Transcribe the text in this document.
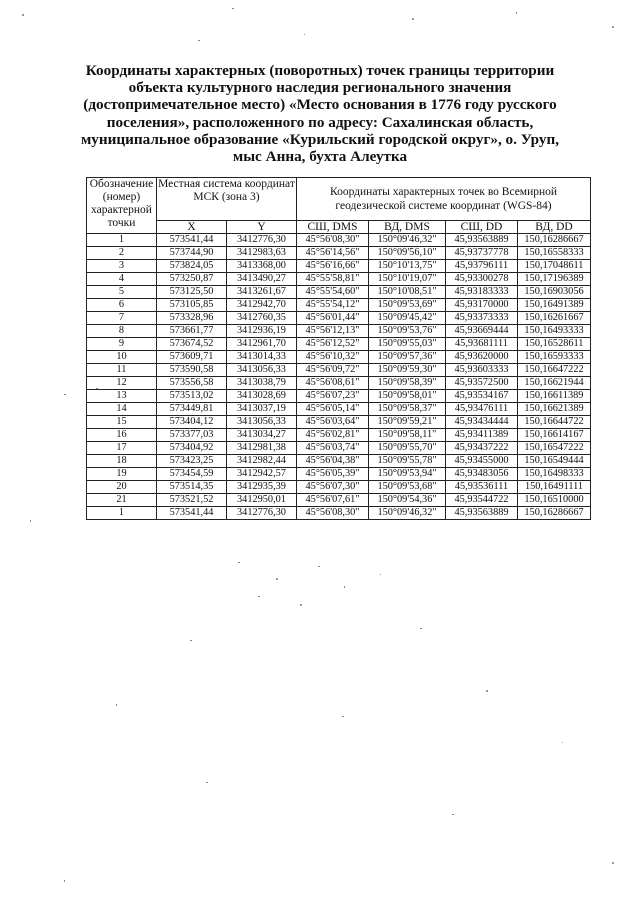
Координаты характерных (поворотных) точек границы территории
объекта культурного наследия регионального значения
(достопримечательное место) «Место основания в 1776 году русского
поселения», расположенного по адресу: Сахалинская область,
муниципальное образование «Курильский городской округ», о. Уруп,
мыс Анна, бухта Алеутка
Обозначение (номер) характерной точки	Местная система координат МСК (зона 3)		Координаты характерных точек во Всемирной геодезической системе координат (WGS-84)			
	X	Y	СШ, DMS	ВД, DMS	СШ, DD	ВД, DD
1	573541,44	3412776,30	45°56'08,30"	150°09'46,32"	45,93563889	150,16286667
2	573744,90	3412983,63	45°56'14,56"	150°09'56,10"	45,93737778	150,16558333
3	573824,05	3413368,00	45°56'16,66"	150°10'13,75"	45,93796111	150,17048611
4	573250,87	3413490,27	45°55'58,81"	150°10'19,07"	45,93300278	150,17196389
5	573125,50	3413261,67	45°55'54,60"	150°10'08,51"	45,93183333	150,16903056
6	573105,85	3412942,70	45°55'54,12"	150°09'53,69"	45,93170000	150,16491389
7	573328,96	3412760,35	45°56'01,44"	150°09'45,42"	45,93373333	150,16261667
8	573661,77	3412936,19	45°56'12,13"	150°09'53,76"	45,93669444	150,16493333
9	573674,52	3412961,70	45°56'12,52"	150°09'55,03"	45,93681111	150,16528611
10	573609,71	3413014,33	45°56'10,32"	150°09'57,36"	45,93620000	150,16593333
11	573590,58	3413056,33	45°56'09,72"	150°09'59,30"	45,93603333	150,16647222
12	573556,58	3413038,79	45°56'08,61"	150°09'58,39"	45,93572500	150,16621944
13	573513,02	3413028,69	45°56'07,23"	150°09'58,01"	45,93534167	150,16611389
14	573449,81	3413037,19	45°56'05,14"	150°09'58,37"	45,93476111	150,16621389
15	573404,12	3413056,33	45°56'03,64"	150°09'59,21"	45,93434444	150,16644722
16	573377,03	3413034,27	45°56'02,81"	150°09'58,11"	45,93411389	150,16614167
17	573404,92	3412981,38	45°56'03,74"	150°09'55,70"	45,93437222	150,16547222
18	573423,25	3412982,44	45°56'04,38"	150°09'55,78"	45,93455000	150,16549444
19	573454,59	3412942,57	45°56'05,39"	150°09'53,94"	45,93483056	150,16498333
20	573514,35	3412935,39	45°56'07,30"	150°09'53,68"	45,93536111	150,16491111
21	573521,52	3412950,01	45°56'07,61"	150°09'54,36"	45,93544722	150,16510000
1	573541,44	3412776,30	45°56'08,30"	150°09'46,32"	45,93563889	150,16286667
